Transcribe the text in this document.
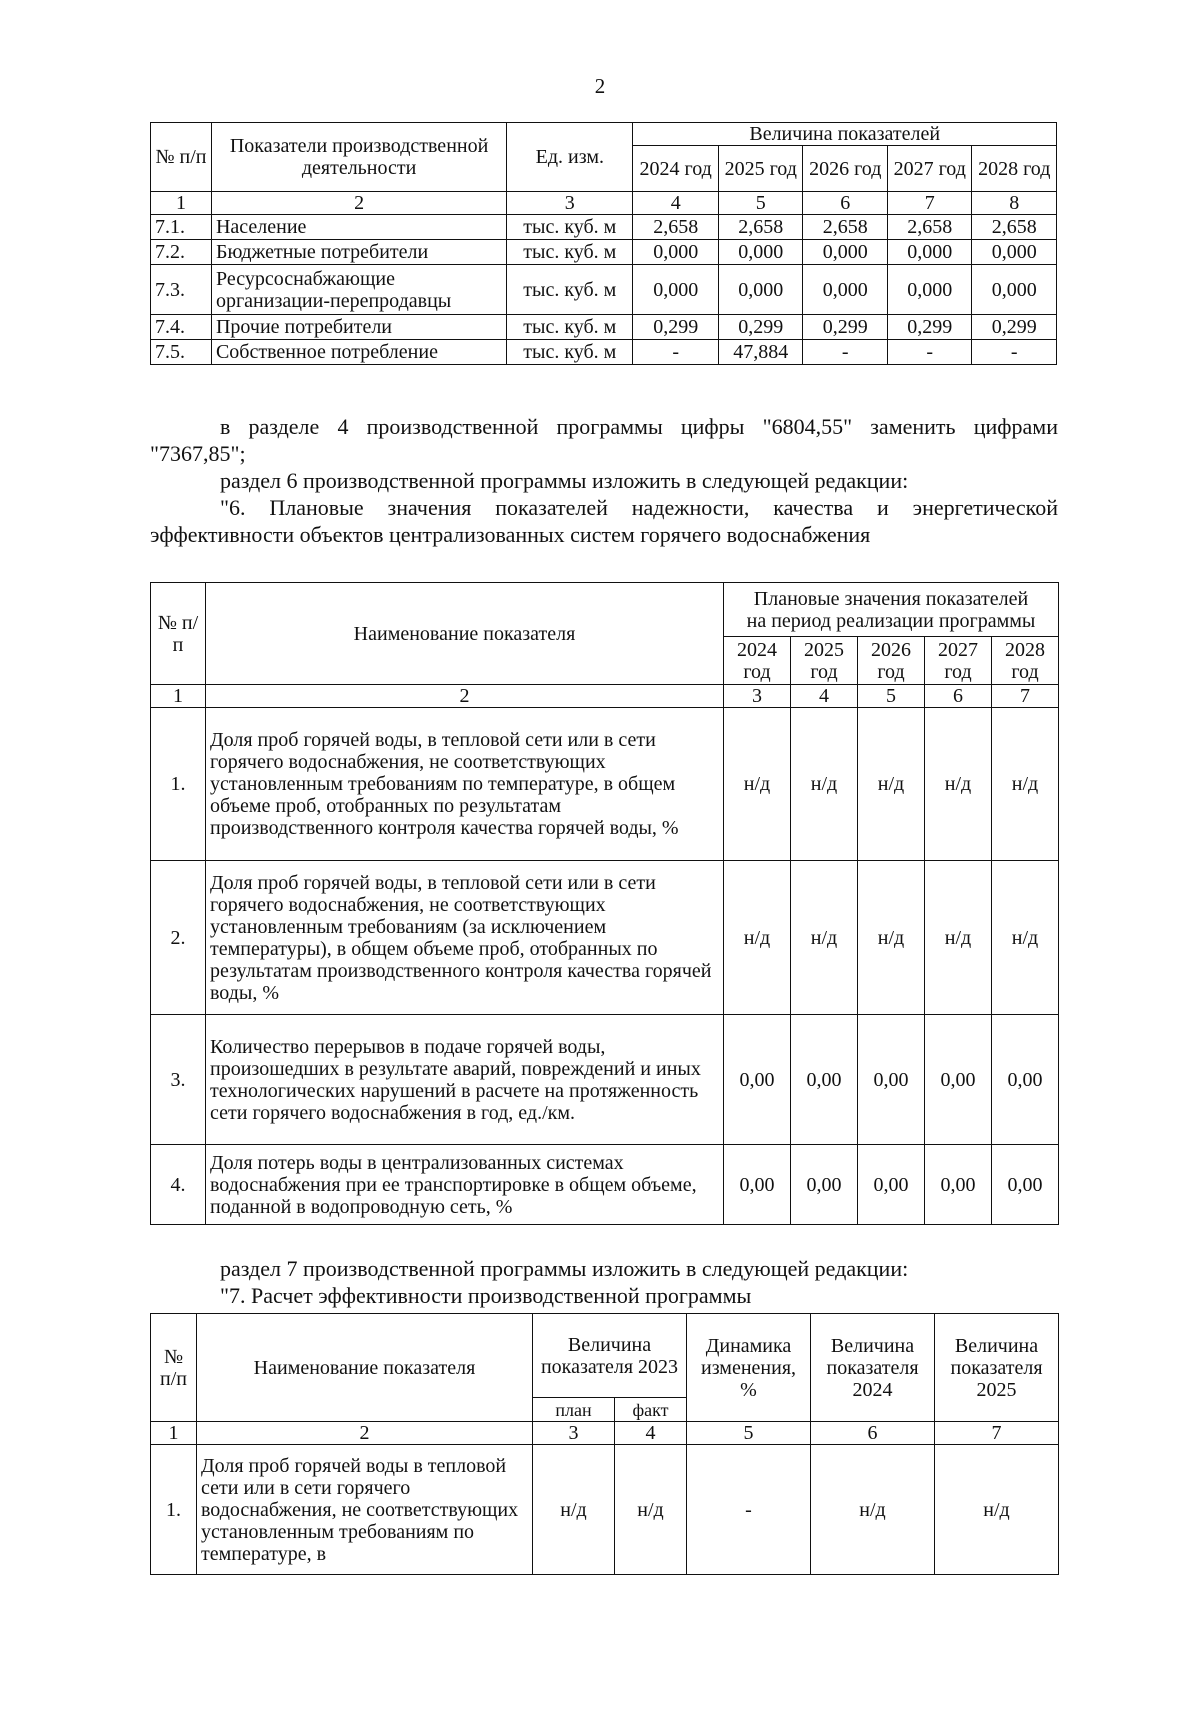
2
№ п/п	Показатели производственной деятельности	Ед. изм.	Величина показателей				
			2024 год	2025 год	2026 год	2027 год	2028 год
1	2	3	4	5	6	7	8
7.1.	Население	тыс. куб. м	2,658	2,658	2,658	2,658	2,658
7.2.	Бюджетные потребители	тыс. куб. м	0,000	0,000	0,000	0,000	0,000
7.3.	Ресурсоснабжающие организации-перепродавцы	тыс. куб. м	0,000	0,000	0,000	0,000	0,000
7.4.	Прочие потребители	тыс. куб. м	0,299	0,299	0,299	0,299	0,299
7.5.	Собственное потребление	тыс. куб. м	-	47,884	-	-	-
в разделе 4 производственной программы цифры "6804,55" заменить цифрами
"7367,85";
раздел 6 производственной программы изложить в следующей редакции:
"6. Плановые значения показателей надежности, качества и энергетической
эффективности объектов централизованных систем горячего водоснабжения
№ п/п	Наименование показателя	Плановые значения показателей
на период реализации программы				

		2024 год	2025 год	2026 год	2027 год	2028 год
1	2	3	4	5	6	7
1.	Доля проб горячей воды, в тепловой сети или в сети горячего водоснабжения, не соответствующих установленным требованиям по температуре, в общем объеме проб, отобранных по результатам производственного контроля качества горячей воды, %	н/д	н/д	н/д	н/д	н/д
2.	Доля проб горячей воды, в тепловой сети или в сети горячего водоснабжения, не соответствующих установленным требованиям (за исключением температуры), в общем объеме проб, отобранных по результатам производственного контроля качества горячей воды, %	н/д	н/д	н/д	н/д	н/д
3.	Количество перерывов в подаче горячей воды, произошедших в результате аварий, повреждений и иных технологических нарушений в расчете на протяженность сети горячего водоснабжения в год, ед./км.	0,00	0,00	0,00	0,00	0,00
4.	Доля потерь воды в централизованных системах водоснабжения при ее транспортировке в общем объеме, поданной в водопроводную сеть, %	0,00	0,00	0,00	0,00	0,00
раздел 7 производственной программы изложить в следующей редакции:
"7. Расчет эффективности производственной программы
№ п/п	Наименование показателя	Величина показателя 2023		Динамика изменения, %	Величина показателя 2024	Величина показателя 2025
		план	факт			
1	2	3	4	5	6	7
1.	Доля проб горячей воды в тепловой сети или в сети горячего водоснабжения, не соответствующих установленным требованиям по температуре, в	н/д	н/д	-	н/д	н/д
